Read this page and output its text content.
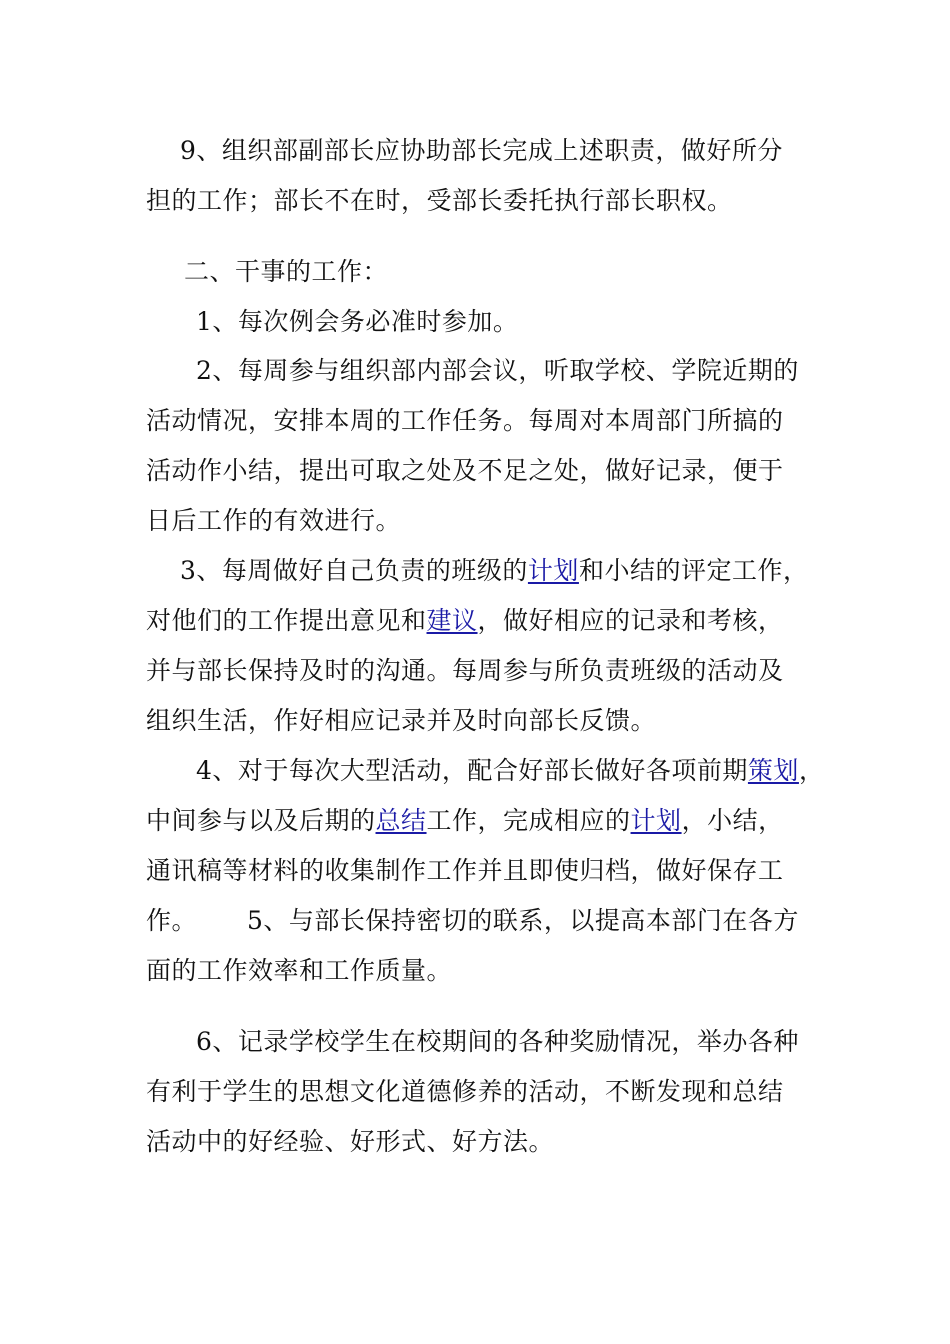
9、组织部副部长应协助部长完成上述职责，做好所分
担的工作；部长不在时，受部长委托执行部长职权。
二、干事的工作：
1、每次例会务必准时参加。
2、每周参与组织部内部会议，听取学校、学院近期的
活动情况，安排本周的工作任务。每周对本周部门所搞的
活动作小结，提出可取之处及不足之处，做好记录，便于
日后工作的有效进行。
3、每周做好自己负责的班级的计划和小结的评定工作，
对他们的工作提出意见和建议，做好相应的记录和考核，
并与部长保持及时的沟通。每周参与所负责班级的活动及
组织生活，作好相应记录并及时向部长反馈。
4、对于每次大型活动，配合好部长做好各项前期策划，
中间参与以及后期的总结工作，完成相应的计划，小结，
通讯稿等材料的收集制作工作并且即使归档，做好保存工
作。 5、与部长保持密切的联系，以提高本部门在各方
面的工作效率和工作质量。
6、记录学校学生在校期间的各种奖励情况，举办各种
有利于学生的思想文化道德修养的活动，不断发现和总结
活动中的好经验、好形式、好方法。
